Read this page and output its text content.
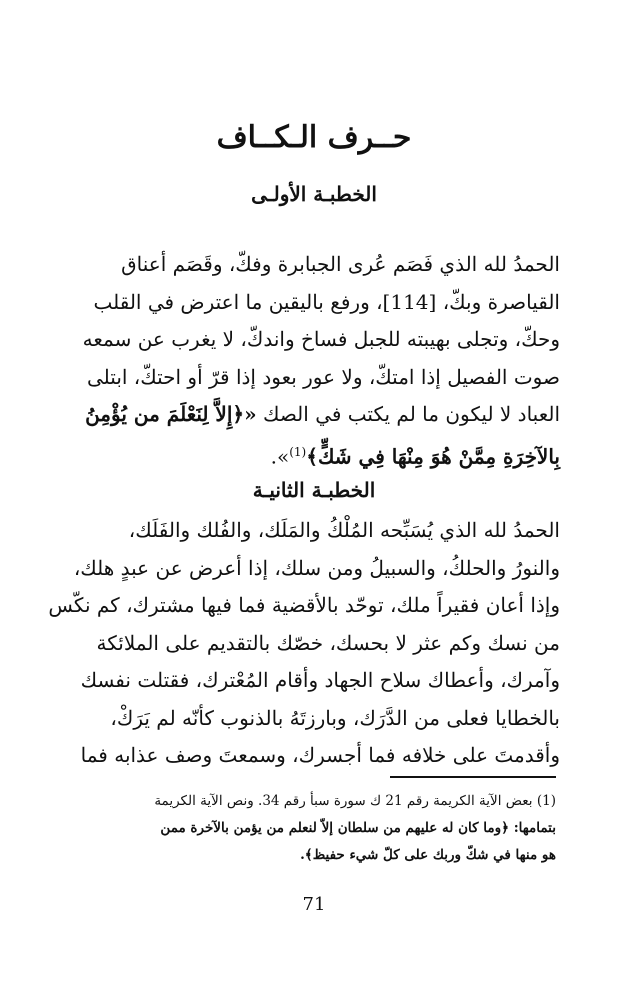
حــرف الـكــاف
الخطبـة الأولـى
الحمدُ لله الذي فَصَم عُرى الجبابرة وفكّ، وقَصَم أعناق
القياصرة وبكّ، [114]، ورفع باليقين ما اعترض في القلب
وحكّ، وتجلى بهيبته للجبل فساخ واندكّ، لا يغرب عن سمعه
صوت الفصيل إذا امتكّ، ولا عور بعود إذا قرّ أو احتكّ، ابتلى
العباد لا ليكون ما لم يكتب في الصك «﴿إِلاَّ لِنَعْلَمَ من يُؤْمِنُ
بِالآخِرَةِ مِمَّنْ هُوَ مِنْهَا فِي شَكٍّ﴾$^{(1)}$».
الخطبـة الثانيـة
الحمدُ لله الذي يُسَبِّحه المُلْكُ والمَلَك، والفُلك والفَلَك،
والنورُ والحلكُ، والسبيلُ ومن سلك، إذا أعرض عن عبدٍ هلك،
وإذا أعان فقيراً ملك، توحّد بالأقضية فما فيها مشترك، كم نكّس
من نسك وكم عثر لا بحسك، خصّك بالتقديم على الملائكة
وآمرك، وأعطاك سلاح الجهاد وأقام المُعْترك، فقتلت نفسك
بالخطايا فعلى من الدَّرَك، وبارزتَهُ بالذنوب كأنّه لم يَرَكْ،
وأقدمتَ على خلافه فما أجسرك، وسمعتَ وصف عذابه فما
(1) بعض الآية الكريمة رقم 21 ك سورة سبأ رقم 34. ونص الآية الكريمة
بتمامها: ﴿وما كان له عليهم من سلطان إلاّ لنعلم من يؤمن بالآخرة ممن
هو منها في شكّ وربك على كلّ شيء حفيظ﴾.
71
